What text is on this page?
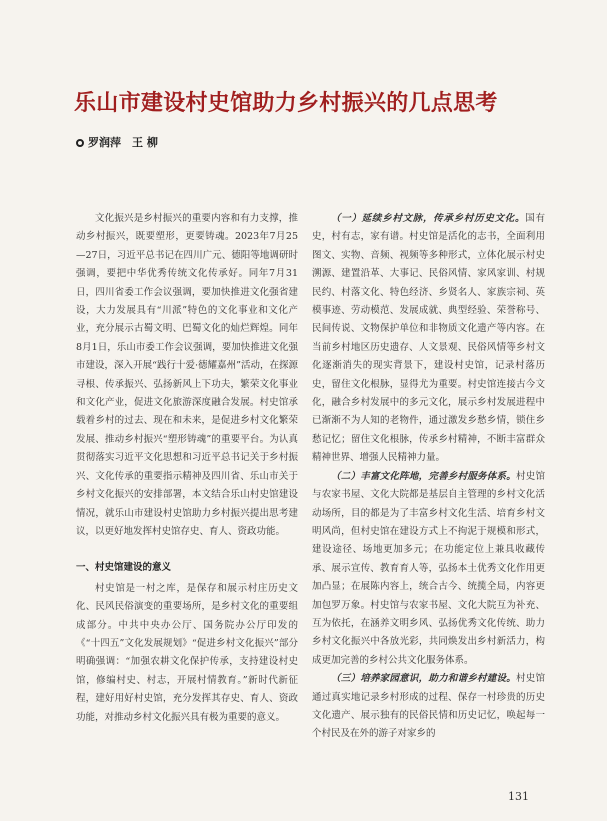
乐山市建设村史馆助力乡村振兴的几点思考
罗润萍　王 柳

文化振兴是乡村振兴的重要内容和有力支撑，推动乡村振兴，既要塑形，更要铸魂。2023年7月25—27日，习近平总书记在四川广元、德阳等地调研时强调，要把中华优秀传统文化传承好。同年7月31日，四川省委工作会议强调，要加快推进文化强省建设，大力发展具有“川派”特色的文化事业和文化产业，充分展示古蜀文明、巴蜀文化的灿烂辉煌。同年8月1日，乐山市委工作会议强调，要加快推进文化强市建设，深入开展“践行十爱·德耀嘉州”活动，在探源寻根、传承振兴、弘扬新风上下功夫，繁荣文化事业和文化产业，促进文化旅游深度融合发展。村史馆承载着乡村的过去、现在和未来，是促进乡村文化繁荣发展、推动乡村振兴“塑形铸魂”的重要平台。为认真贯彻落实习近平文化思想和习近平总书记关于乡村振兴、文化传承的重要指示精神及四川省、乐山市关于乡村文化振兴的安排部署，本文结合乐山村史馆建设情况，就乐山市建设村史馆助力乡村振兴提出思考建议，以更好地发挥村史馆存史、育人、资政功能。

一、村史馆建设的意义

村史馆是一村之库，是保存和展示村庄历史文化、民风民俗演变的重要场所，是乡村文化的重要组成部分。中共中央办公厅、国务院办公厅印发的《“十四五”文化发展规划》“促进乡村文化振兴”部分明确强调：“加强农耕文化保护传承，支持建设村史馆，修编村史、村志，开展村情教育。”新时代新征程，建好用好村史馆，充分发挥其存史、育人、资政功能，对推动乡村文化振兴具有极为重要的意义。

（一）延续乡村文脉，传承乡村历史文化。国有史，村有志，家有谱。村史馆是活化的志书，全面利用图文、实物、音频、视频等多种形式，立体化展示村史溯源、建置沿革、大事记、民俗风情、家风家训、村规民约、村落文化、特色经济、乡贤名人、家族宗祠、英模事迹、劳动模范、发展成就、典型经验、荣誉称号、民间传说、文物保护单位和非物质文化遗产等内容。在当前乡村地区历史遗存、人文景观、民俗风情等乡村文化逐渐消失的现实背景下，建设村史馆，记录村落历史，留住文化根脉，显得尤为重要。村史馆连接古今文化，融合乡村发展中的多元文化，展示乡村发展进程中已渐渐不为人知的老物件，通过激发乡愁乡情，锁住乡愁记忆；留住文化根脉，传承乡村精神，不断丰富群众精神世界、增强人民精神力量。

（二）丰富文化阵地，完善乡村服务体系。村史馆与农家书屋、文化大院都是基层自主管理的乡村文化活动场所，目的都是为了丰富乡村文化生活、培育乡村文明风尚，但村史馆在建设方式上不拘泥于规模和形式，建设途径、场地更加多元；在功能定位上兼具收藏传承、展示宣传、教育育人等，弘扬本土优秀文化作用更加凸显；在展陈内容上，统合古今、统揽全局，内容更加包罗万象。村史馆与农家书屋、文化大院互为补充、互为依托，在涵养文明乡风、弘扬优秀文化传统、助力乡村文化振兴中各放光彩，共同焕发出乡村新活力，构成更加完善的乡村公共文化服务体系。

（三）培养家园意识，助力和谐乡村建设。村史馆通过真实地记录乡村形成的过程、保存一村珍贵的历史文化遗产、展示独有的民俗民情和历史记忆，唤起每一个村民及在外的游子对家乡的

131
